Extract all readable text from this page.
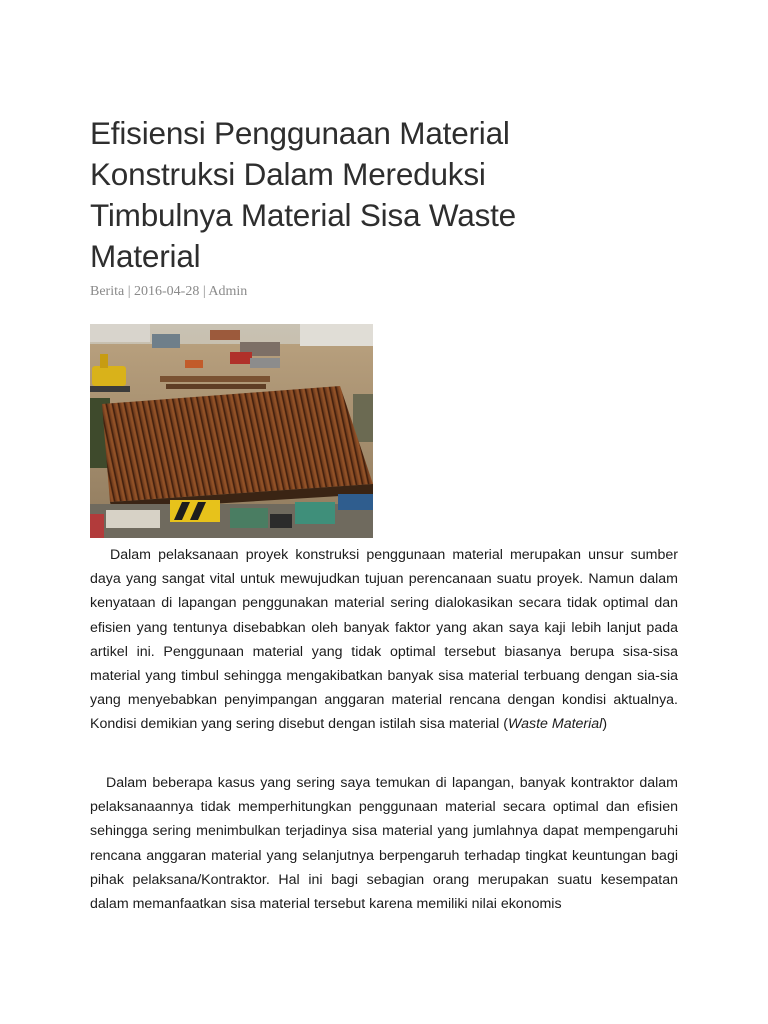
Efisiensi Penggunaan Material Konstruksi Dalam Mereduksi Timbulnya Material Sisa Waste Material
Berita | 2016-04-28 | Admin

Dalam pelaksanaan proyek konstruksi penggunaan material merupakan unsur sumber daya yang sangat vital untuk mewujudkan tujuan perencanaan suatu proyek. Namun dalam kenyataan di lapangan penggunakan material sering dialokasikan secara tidak optimal dan efisien yang tentunya disebabkan oleh banyak faktor yang akan saya kaji lebih lanjut pada artikel ini. Penggunaan material yang tidak optimal tersebut biasanya berupa sisa-sisa material yang timbul sehingga mengakibatkan banyak sisa material terbuang dengan sia-sia yang menyebabkan penyimpangan anggaran material rencana dengan kondisi aktualnya. Kondisi demikian yang sering disebut dengan istilah sisa material (Waste Material)

Dalam beberapa kasus yang sering saya temukan di lapangan, banyak kontraktor dalam pelaksanaannya tidak memperhitungkan penggunaan material secara optimal dan efisien sehingga sering menimbulkan terjadinya sisa material yang jumlahnya dapat mempengaruhi rencana anggaran material yang selanjutnya berpengaruh terhadap tingkat keuntungan bagi pihak pelaksana/Kontraktor. Hal ini bagi sebagian orang merupakan suatu kesempatan dalam memanfaatkan sisa material tersebut karena memiliki nilai ekonomis
